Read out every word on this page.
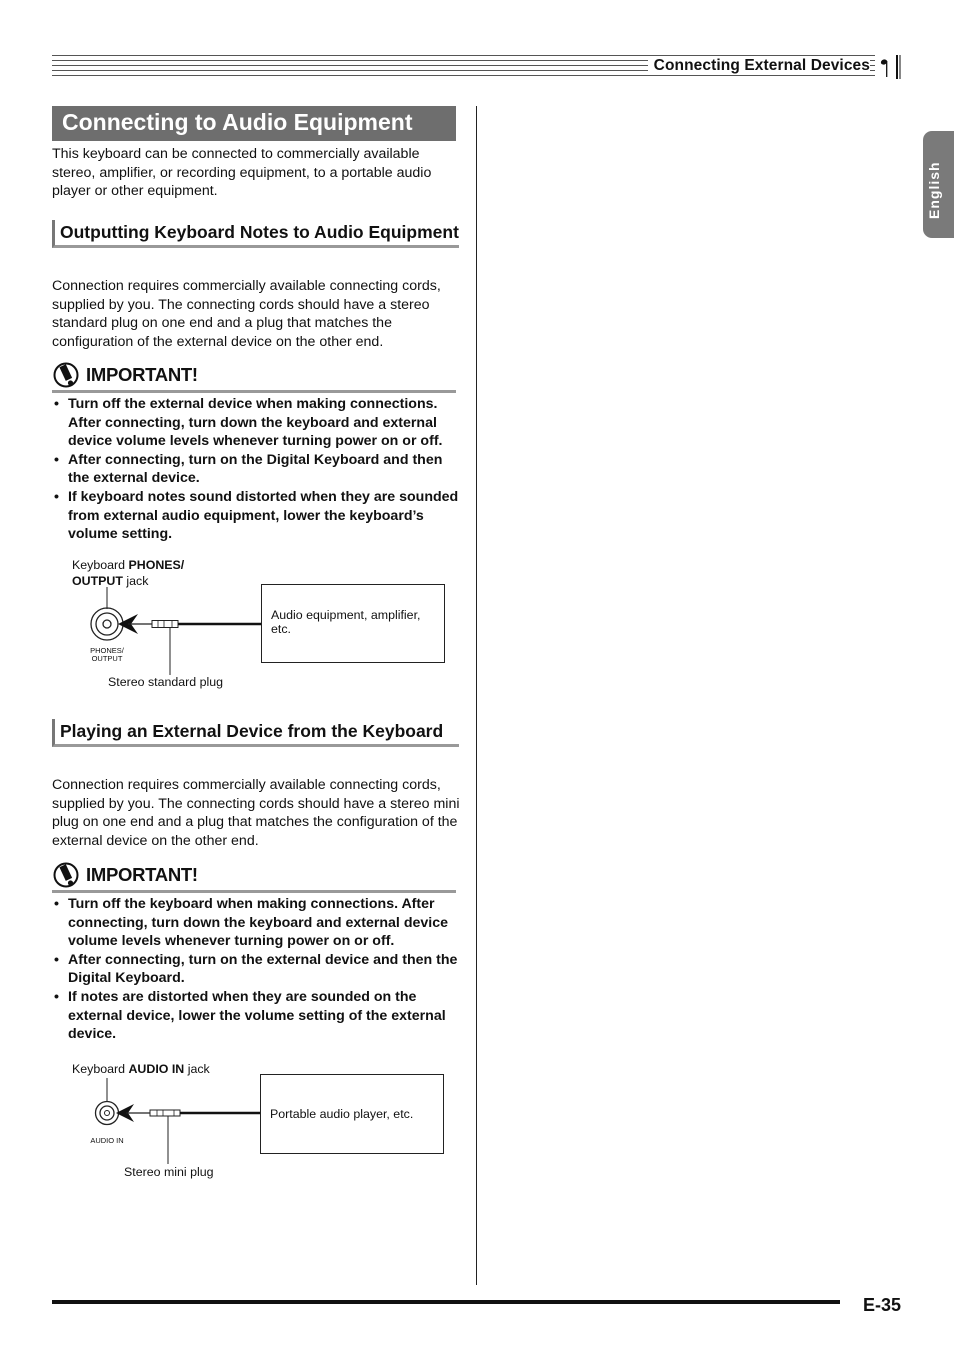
Connecting External Devices
English
Connecting to Audio Equipment

This keyboard can be connected to commercially available stereo, amplifier, or recording equipment, to a portable audio player or other equipment.

Outputting Keyboard Notes to Audio Equipment

Connection requires commercially available connecting cords, supplied by you. The connecting cords should have a stereo standard plug on one end and a plug that matches the configuration of the external device on the other end.

IMPORTANT!
• Turn off the external device when making connections. After connecting, turn down the keyboard and external device volume levels whenever turning power on or off.
• After connecting, turn on the Digital Keyboard and then the external device.
• If keyboard notes sound distorted when they are sounded from external audio equipment, lower the keyboard’s volume setting.
Keyboard PHONES/
OUTPUT jack
PHONES/
OUTPUT
Audio equipment, amplifier, etc.
Stereo standard plug
Playing an External Device from the Keyboard

Connection requires commercially available connecting cords, supplied by you. The connecting cords should have a stereo mini plug on one end and a plug that matches the configuration of the external device on the other end.

IMPORTANT!
• Turn off the keyboard when making connections. After connecting, turn down the keyboard and external device volume levels whenever turning power on or off.
• After connecting, turn on the external device and then the Digital Keyboard.
• If notes are distorted when they are sounded on the external device, lower the volume setting of the external device.
Keyboard AUDIO IN jack
AUDIO IN
Portable audio player, etc.
Stereo mini plug
E-35
